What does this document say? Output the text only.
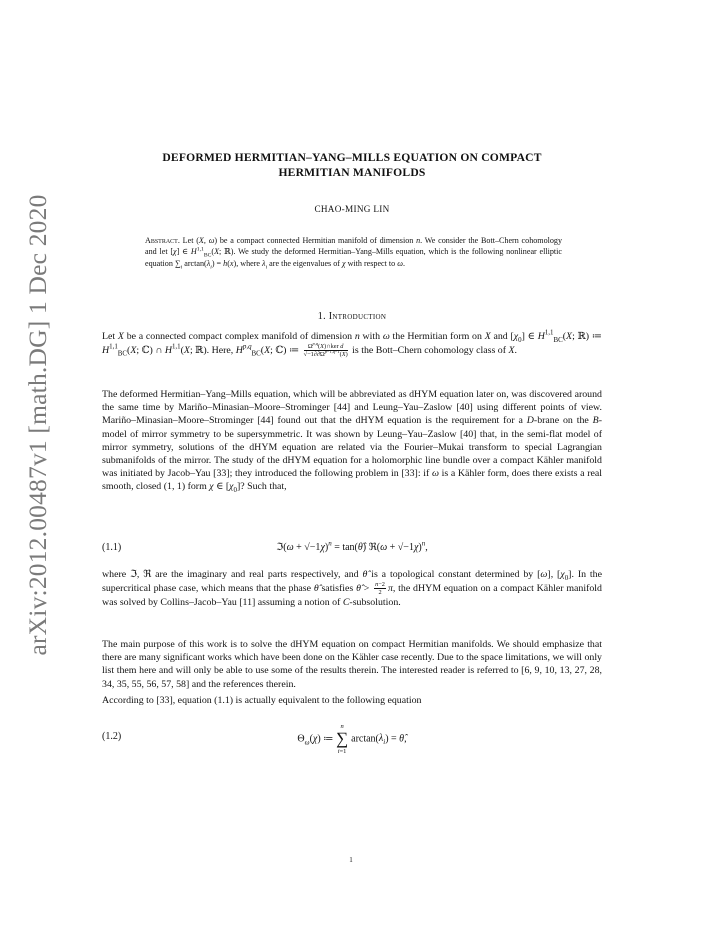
arXiv:2012.00487v1 [math.DG] 1 Dec 2020
DEFORMED HERMITIAN–YANG–MILLS EQUATION ON COMPACT
HERMITIAN MANIFOLDS
CHAO-MING LIN
Abstract. Let (X, ω) be a compact connected Hermitian manifold of dimension n. We consider the Bott–Chern cohomology and let [χ] ∈ H$^{1,1}_{BC}$(X; ℝ). We study the deformed Hermitian–Yang–Mills equation, which is the following nonlinear elliptic equation $\sum_i$ $\arctan(\lambda_i) = h(x)$, where $\lambda_i$ are the eigenvalues of χ with respect to ω.
1. Introduction
Let X be a connected compact complex manifold of dimension n with ω the Hermitian form on X and $[\chi_0]$ ∈ H$^{1,1}_{BC}$(X; ℝ) ≔ H$^{1,1}_{BC}$(X; ℂ) ∩ H$^{1,1}$(X; ℝ). Here, H$^{p,q}_{BC}$(X; ℂ) ≔ $\frac{\Omega^{p,q}(X)\cap ker d}{√-1\partial\partial̄\Omega^{p-1,q-1}(X)}$ is the Bott–Chern cohomology class of X.
The deformed Hermitian–Yang–Mills equation, which will be abbreviated as dHYM equation later on, was discovered around the same time by Mariño–Minasian–Moore–Strominger [44] and Leung–Yau–Zaslow [40] using different points of view. Mariño–Minasian–Moore–Strominger [44] found out that the dHYM equation is the requirement for a D-brane on the B-model of mirror symmetry to be supersymmetric. It was shown by Leung–Yau–Zaslow [40] that, in the semi-flat model of mirror symmetry, solutions of the dHYM equation are related via the Fourier–Mukai transform to special Lagrangian submanifolds of the mirror. The study of the dHYM equation for a holomorphic line bundle over a compact Kähler manifold was initiated by Jacob–Yau [33]; they introduced the following problem in [33]: if ω is a Kähler form, does there exists a real smooth, closed (1, 1) form χ ∈ $[\chi_0]$? Such that,
(1.1)	ℑ(ω + √−1χ)$^n$ = tan(θ̂) ℜ(ω + √−1χ)$^n$,
where ℑ, ℜ are the imaginary and real parts respectively, and θ̂ is a topological constant determined by [ω], $[\chi_0]$. In the supercritical phase case, which means that the phase θ̂ satisfies θ̂ > $\frac{n-2}{2} \pi$, the dHYM equation on a compact Kähler manifold was solved by Collins–Jacob–Yau [11] assuming a notion of C-subsolution.
The main purpose of this work is to solve the dHYM equation on compact Hermitian manifolds. We should emphasize that there are many significant works which have been done on the Kähler case recently. Due to the space limitations, we will only list them here and will only be able to use some of the results therein. The interested reader is referred to [6, 9, 10, 13, 27, 28, 34, 35, 55, 56, 57, 58] and the references therein.
According to [33], equation (1.1) is actually equivalent to the following equation
(1.2)	$\Theta_\omega(\chi)$ ≔
n
∑
i=1
$\arctan(\lambda_i)$ = θ̂,
1
